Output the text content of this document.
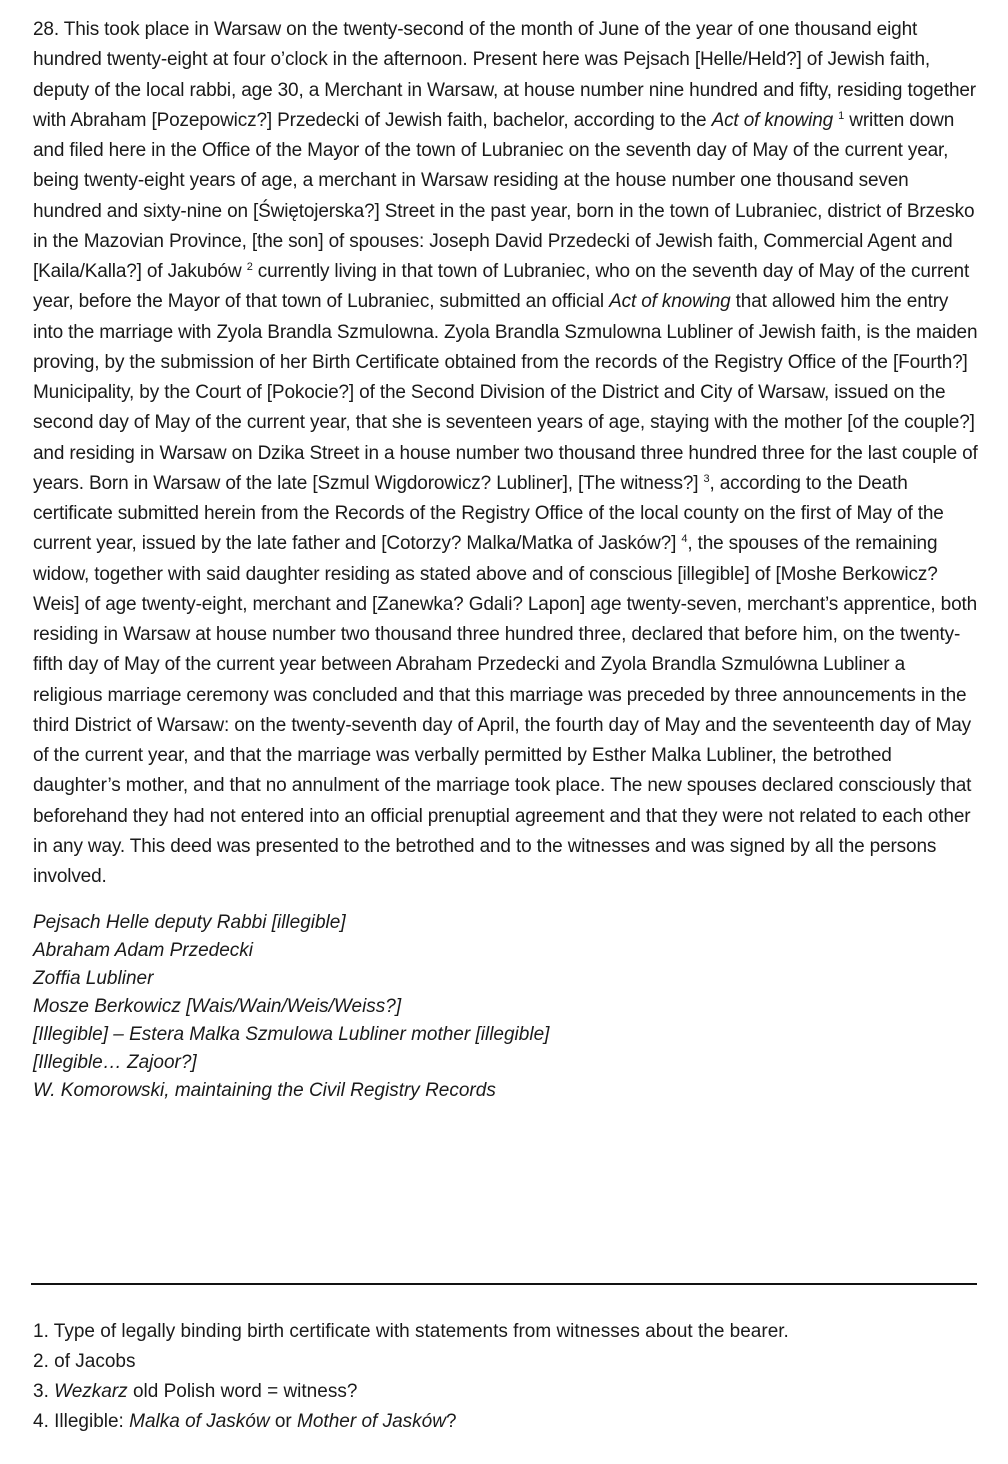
28. This took place in Warsaw on the twenty-second of the month of June of the year of one thousand eight hundred twenty-eight at four o’clock in the afternoon. Present here was Pejsach [Helle/Held?] of Jewish faith, deputy of the local rabbi, age 30, a Merchant in Warsaw, at house number nine hundred and fifty, residing together with Abraham [Pozepowicz?] Przedecki of Jewish faith, bachelor, according to the Act of knowing $^1$ written down and filed here in the Office of the Mayor of the town of Lubraniec on the seventh day of May of the current year, being twenty-eight years of age, a merchant in Warsaw residing at the house number one thousand seven hundred and sixty-nine on [Świętojerska?] Street in the past year, born in the town of Lubraniec, district of Brzesko in the Mazovian Province, [the son] of spouses: Joseph David Przedecki of Jewish faith, Commercial Agent and [Kaila/Kalla?] of Jakubów $^2$ currently living in that town of Lubraniec, who on the seventh day of May of the current year, before the Mayor of that town of Lubraniec, submitted an official Act of knowing that allowed him the entry into the marriage with Zyola Brandla Szmulowna. Zyola Brandla Szmulowna Lubliner of Jewish faith, is the maiden proving, by the submission of her Birth Certificate obtained from the records of the Registry Office of the [Fourth?] Municipality, by the Court of [Pokocie?] of the Second Division of the District and City of Warsaw, issued on the second day of May of the current year, that she is seventeen years of age, staying with the mother [of the couple?] and residing in Warsaw on Dzika Street in a house number two thousand three hundred three for the last couple of years. Born in Warsaw of the late [Szmul Wigdorowicz? Lubliner], [The witness?] $^3$, according to the Death certificate submitted herein from the Records of the Registry Office of the local county on the first of May of the current year, issued by the late father and [Cotorzy? Malka/Matka of Jasków?] $^4$, the spouses of the remaining widow, together with said daughter residing as stated above and of conscious [illegible] of [Moshe Berkowicz? Weis] of age twenty-eight, merchant and [Zanewka? Gdali? Lapon] age twenty-seven, merchant’s apprentice, both residing in Warsaw at house number two thousand three hundred three, declared that before him, on the twenty-fifth day of May of the current year between Abraham Przedecki and Zyola Brandla Szmulówna Lubliner a religious marriage ceremony was concluded and that this marriage was preceded by three announcements in the third District of Warsaw: on the twenty-seventh day of April, the fourth day of May and the seventeenth day of May of the current year, and that the marriage was verbally permitted by Esther Malka Lubliner, the betrothed daughter’s mother, and that no annulment of the marriage took place. The new spouses declared consciously that beforehand they had not entered into an official prenuptial agreement and that they were not related to each other in any way. This deed was presented to the betrothed and to the witnesses and was signed by all the persons involved.

Pejsach Helle deputy Rabbi [illegible]
Abraham Adam Przedecki
Zoffia Lubliner
Mosze Berkowicz [Wais/Wain/Weis/Weiss?]
[Illegible] – Estera Malka Szmulowa Lubliner mother [illegible]
[Illegible… Zajoor?]
W. Komorowski, maintaining the Civil Registry Records
1. Type of legally binding birth certificate with statements from witnesses about the bearer.
2. of Jacobs
3. Wezkarz old Polish word = witness?
4. Illegible: Malka of Jasków or Mother of Jasków?
